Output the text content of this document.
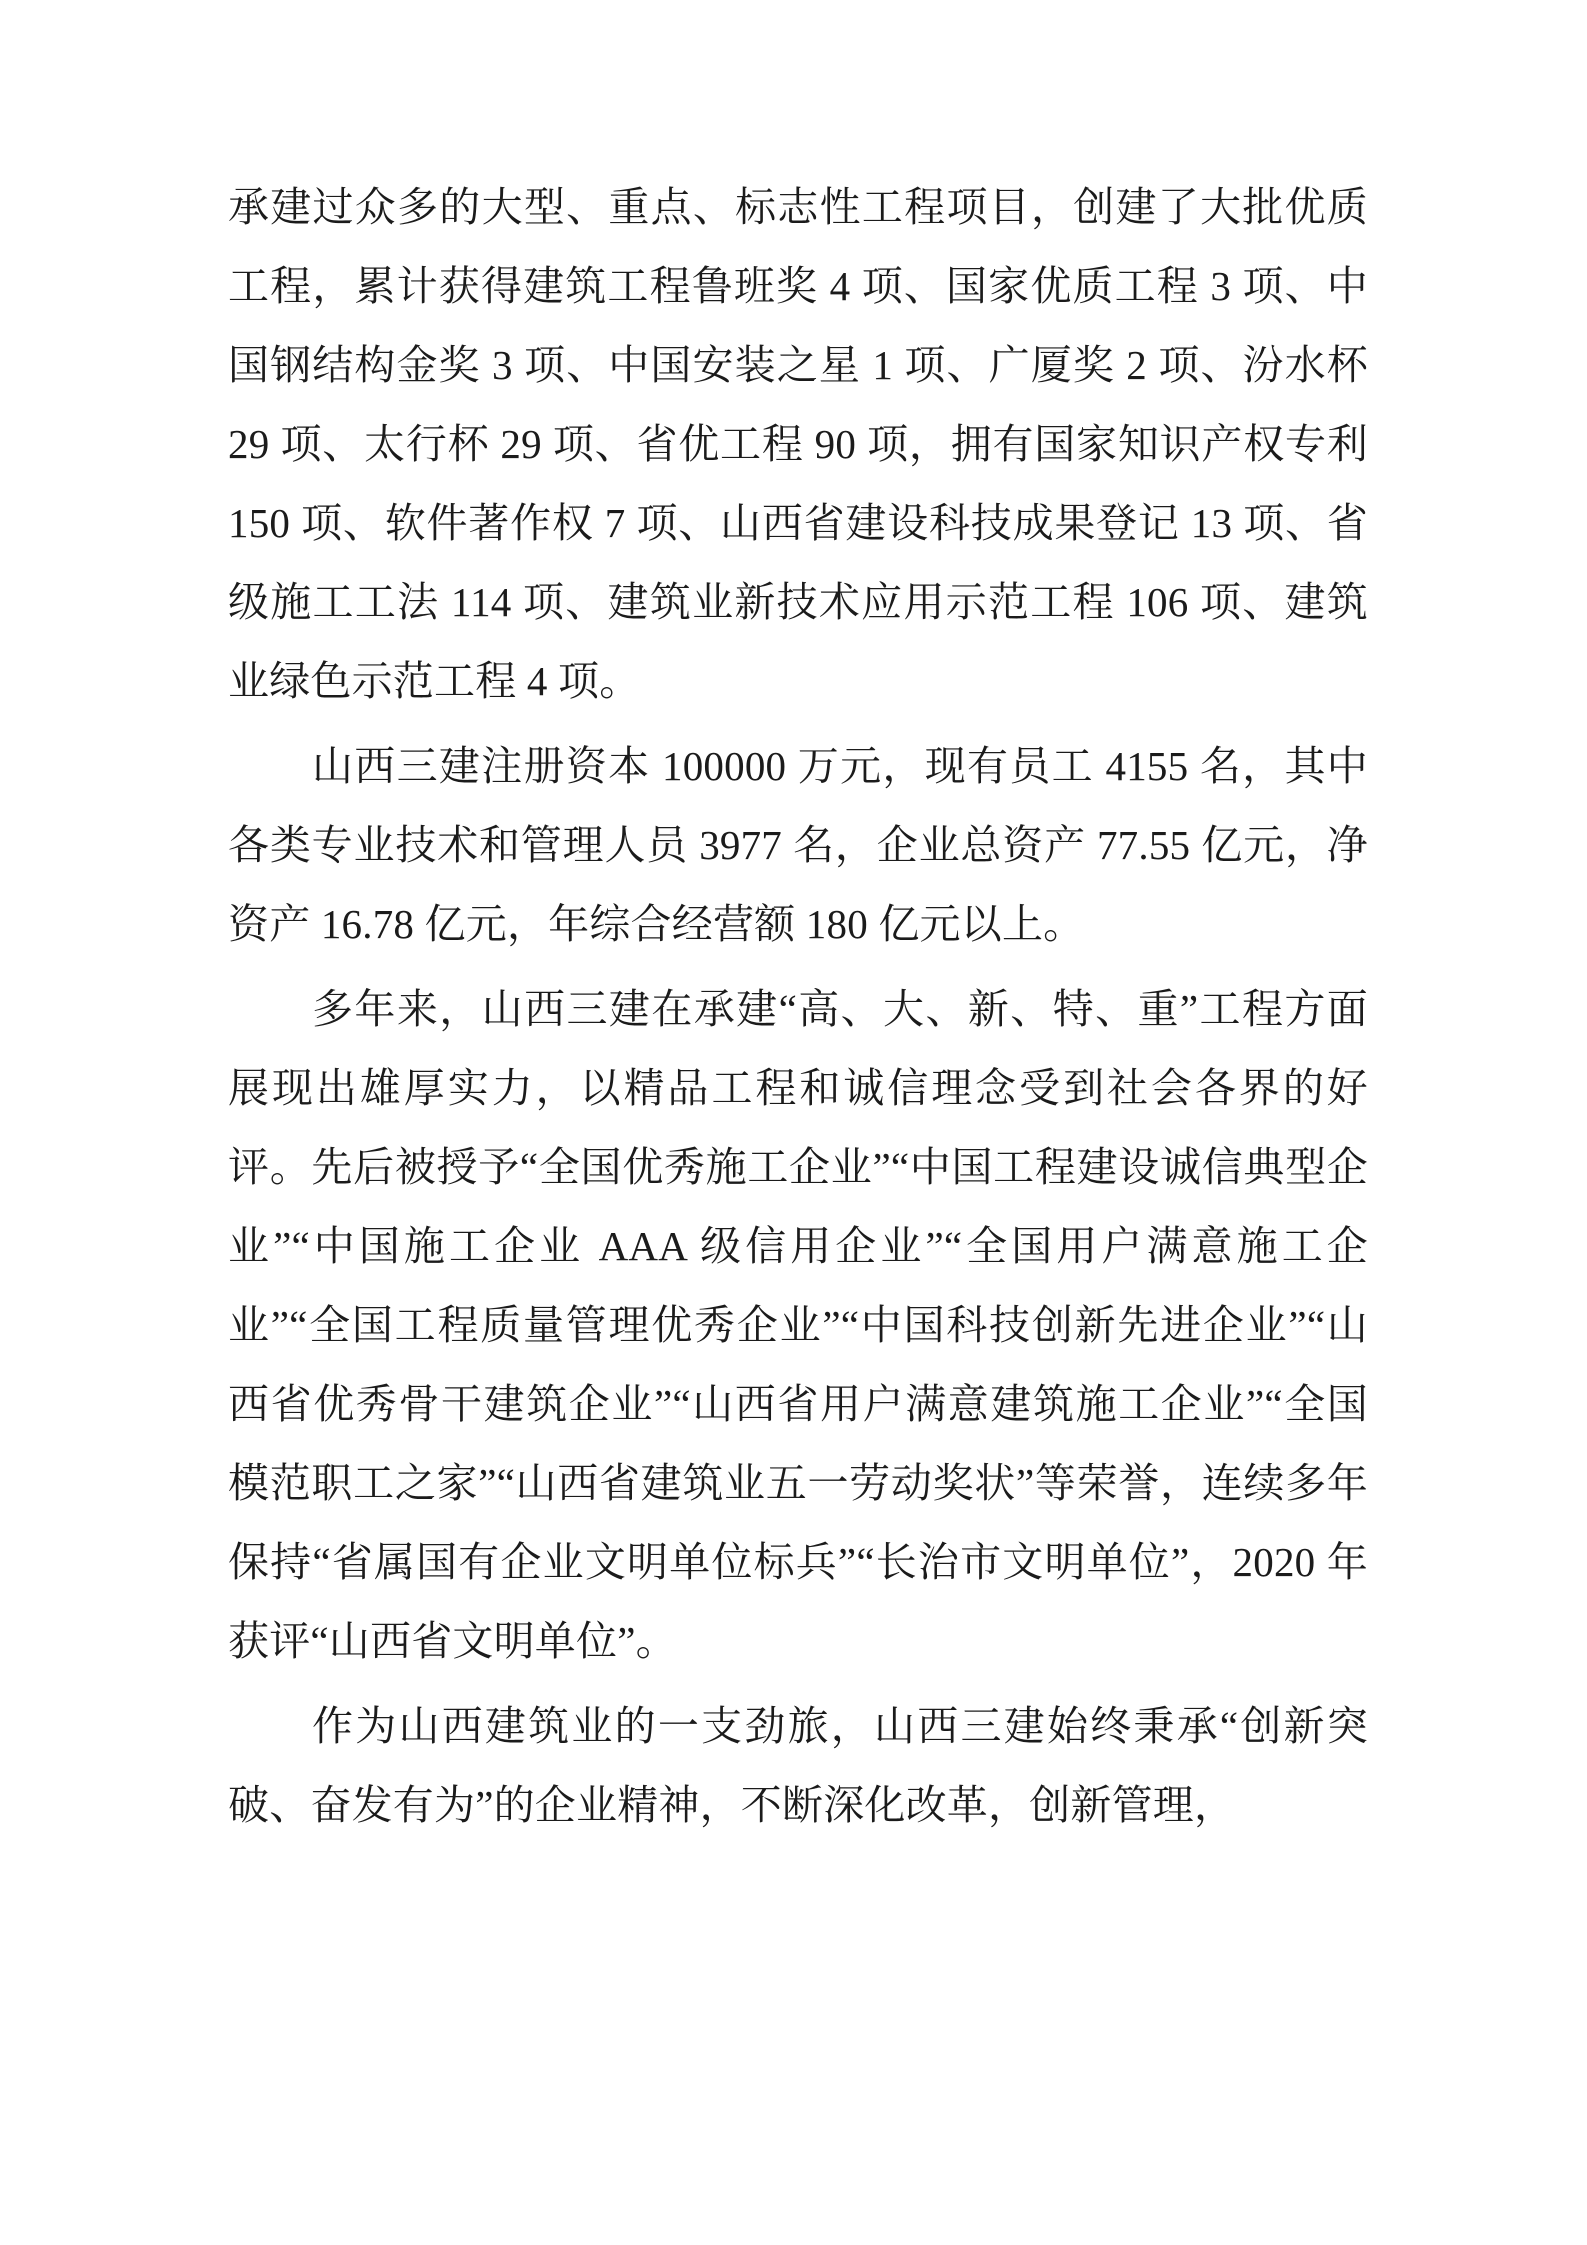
承建过众多的大型、重点、标志性工程项目，创建了大批优质工程，累计获得建筑工程鲁班奖 4 项、国家优质工程 3 项、中国钢结构金奖 3 项、中国安装之星 1 项、广厦奖 2 项、汾水杯 29 项、太行杯 29 项、省优工程 90 项，拥有国家知识产权专利 150 项、软件著作权 7 项、山西省建设科技成果登记 13 项、省级施工工法 114 项、建筑业新技术应用示范工程 106 项、建筑业绿色示范工程 4 项。

山西三建注册资本 100000 万元，现有员工 4155 名，其中各类专业技术和管理人员 3977 名，企业总资产 77.55 亿元，净资产 16.78 亿元，年综合经营额 180 亿元以上。

多年来，山西三建在承建“高、大、新、特、重”工程方面展现出雄厚实力，以精品工程和诚信理念受到社会各界的好评。先后被授予“全国优秀施工企业”“中国工程建设诚信典型企业”“中国施工企业 AAA 级信用企业”“全国用户满意施工企业”“全国工程质量管理优秀企业”“中国科技创新先进企业”“山西省优秀骨干建筑企业”“山西省用户满意建筑施工企业”“全国模范职工之家”“山西省建筑业五一劳动奖状”等荣誉，连续多年保持“省属国有企业文明单位标兵”“长治市文明单位”，2020 年获评“山西省文明单位”。

作为山西建筑业的一支劲旅，山西三建始终秉承“创新突破、奋发有为”的企业精神，不断深化改革，创新管理，
